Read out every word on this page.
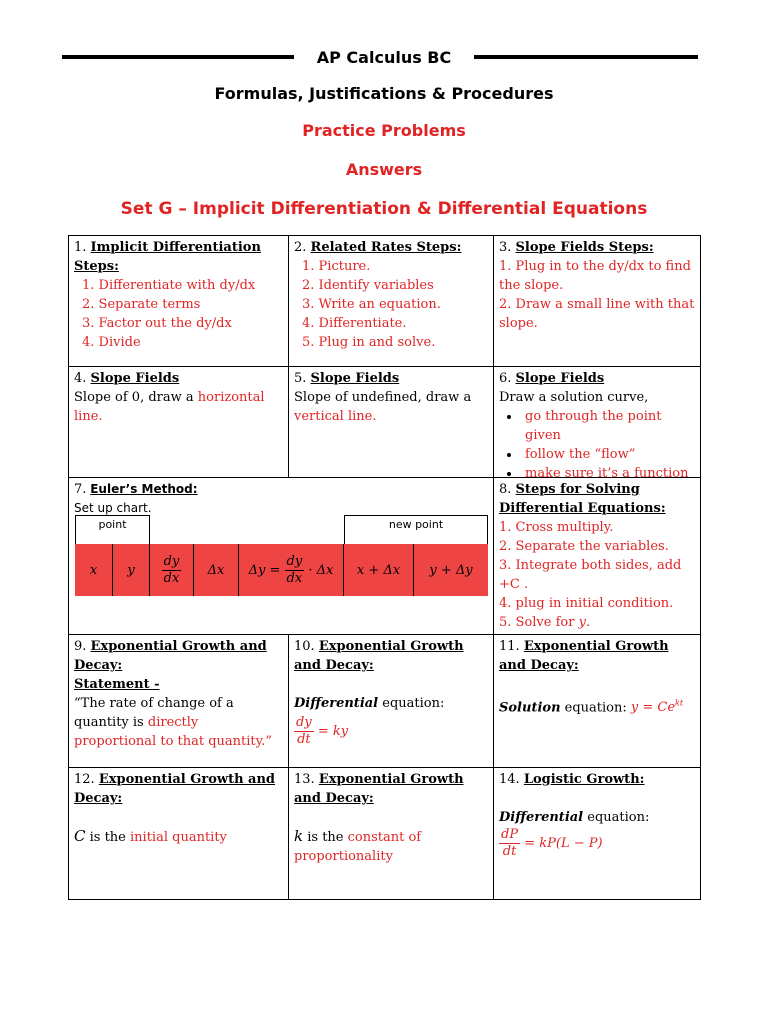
AP Calculus BC
Formulas, Justifications & Procedures
Practice Problems
Answers
Set G – Implicit Differentiation & Differential Equations
1. Implicit Differentiation Steps:
1. Differentiate with dy/dx
2. Separate terms
3. Factor out the dy/dx
4. Divide
2. Related Rates Steps:
1. Picture.
2. Identify variables
3. Write an equation.
4. Differentiate.
5. Plug in and solve.
3. Slope Fields Steps:
1. Plug in to the dy/dx to find the slope.
2. Draw a small line with that slope.
4. Slope Fields
Slope of 0, draw a horizontal line.
5. Slope Fields
Slope of undefined, draw a vertical line.
6. Slope Fields
Draw a solution curve,
• go through the point given
• follow the “flow”
• make sure it’s a function
7. Euler’s Method:
Set up chart.
point	new point
x y $\frac{dy}{dx}$ Δx Δy =
$\frac{dy}{dx}$
· Δx x + Δx y + Δy
8. Steps for Solving Differential Equations:
1. Cross multiply.
2. Separate the variables.
3. Integrate both sides, add +C .
4. plug in initial condition.
5. Solve for y.
9. Exponential Growth and Decay:
Statement -
“The rate of change of a quantity is directly proportional to that quantity.”
10. Exponential Growth and Decay:
Differential equation:
$\frac{dy}{dt}$ = ky
11. Exponential Growth and Decay:
Solution equation: $y = Ce^{kt}$
12. Exponential Growth and Decay:
C is the initial quantity
13. Exponential Growth and Decay:
k is the constant of proportionality
14. Logistic Growth:
Differential equation:
$\frac{dP}{dt} = kP(L - P)$
